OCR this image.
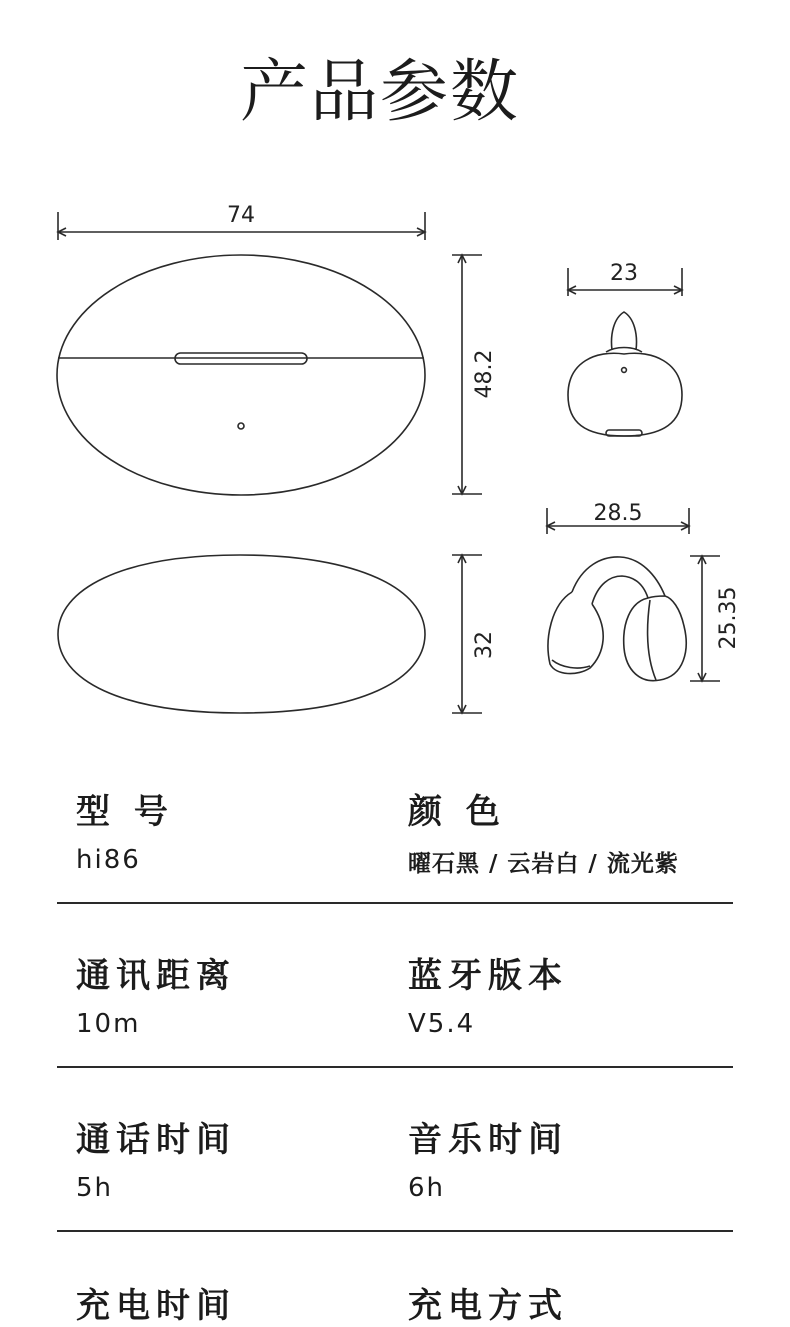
产品参数
74
48.2
32
23
28.5
25.35

型 号

hi86

颜 色

曜石黑 / 云岩白 / 流光紫

通讯距离

10m

蓝牙版本

V5.4

通话时间

5h

音乐时间

6h

充电时间	充电方式
